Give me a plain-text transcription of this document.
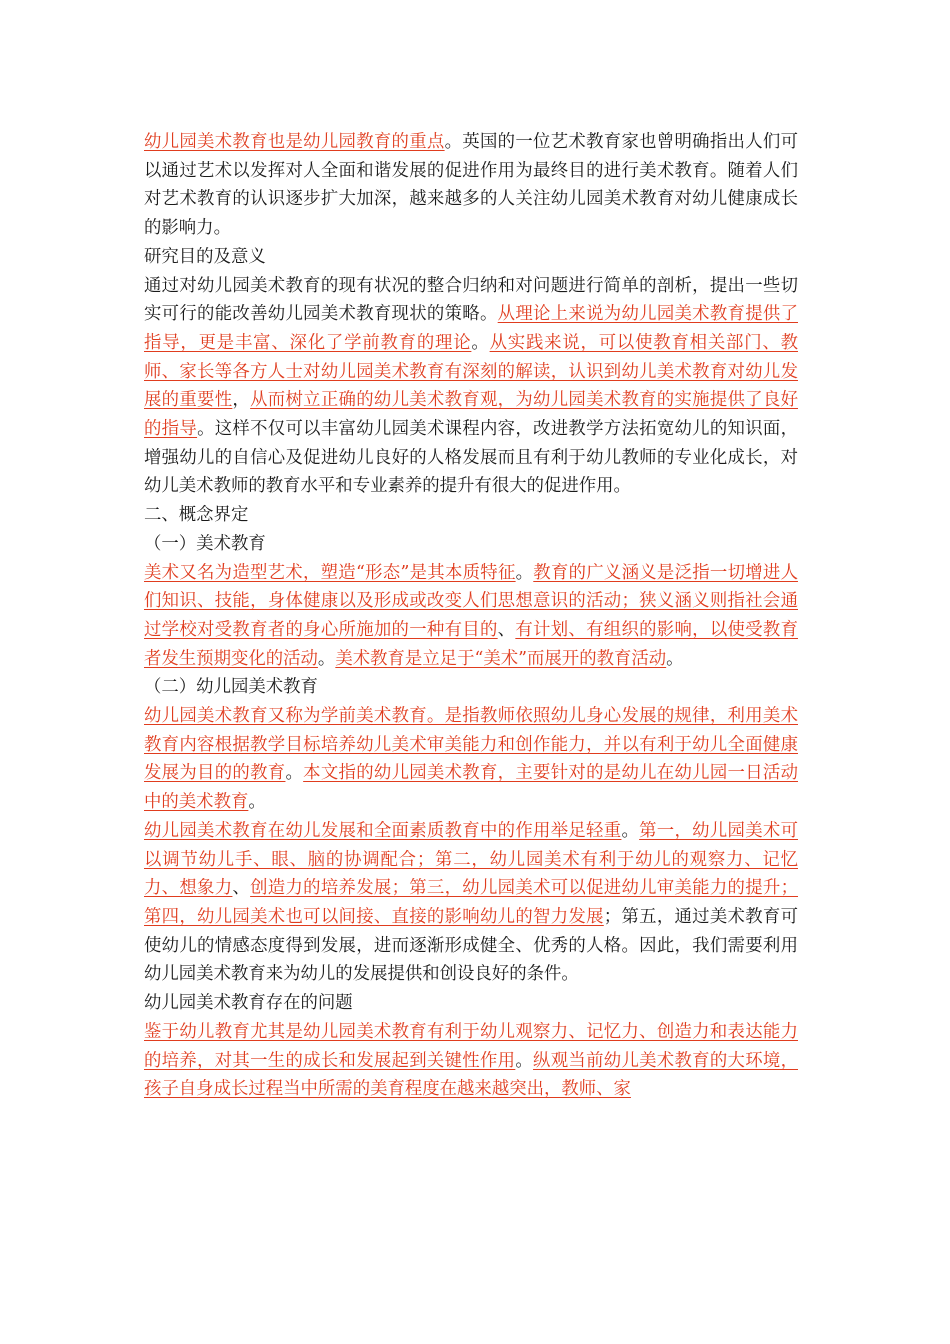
幼儿园美术教育也是幼儿园教育的重点。英国的一位艺术教育家也曾明确指出人们可以通过艺术以发挥对人全面和谐发展的促进作用为最终目的进行美术教育。随着人们对艺术教育的认识逐步扩大加深，越来越多的人关注幼儿园美术教育对幼儿健康成长的影响力。

研究目的及意义

通过对幼儿园美术教育的现有状况的整合归纳和对问题进行简单的剖析，提出一些切实可行的能改善幼儿园美术教育现状的策略。从理论上来说为幼儿园美术教育提供了指导，更是丰富、深化了学前教育的理论。从实践来说，可以使教育相关部门、教师、家长等各方人士对幼儿园美术教育有深刻的解读，认识到幼儿美术教育对幼儿发展的重要性，从而树立正确的幼儿美术教育观，为幼儿园美术教育的实施提供了良好的指导。这样不仅可以丰富幼儿园美术课程内容，改进教学方法拓宽幼儿的知识面，增强幼儿的自信心及促进幼儿良好的人格发展而且有利于幼儿教师的专业化成长，对幼儿美术教师的教育水平和专业素养的提升有很大的促进作用。

二、概念界定

（一）美术教育

美术又名为造型艺术，塑造“形态”是其本质特征。教育的广义涵义是泛指一切增进人们知识、技能，身体健康以及形成或改变人们思想意识的活动；狭义涵义则指社会通过学校对受教育者的身心所施加的一种有目的、有计划、有组织的影响，以使受教育者发生预期变化的活动。美术教育是立足于“美术”而展开的教育活动。

（二）幼儿园美术教育

幼儿园美术教育又称为学前美术教育。是指教师依照幼儿身心发展的规律，利用美术教育内容根据教学目标培养幼儿美术审美能力和创作能力，并以有利于幼儿全面健康发展为目的的教育。本文指的幼儿园美术教育，主要针对的是幼儿在幼儿园一日活动中的美术教育。

幼儿园美术教育在幼儿发展和全面素质教育中的作用举足轻重。第一，幼儿园美术可以调节幼儿手、眼、脑的协调配合；第二，幼儿园美术有利于幼儿的观察力、记忆力、想象力、创造力的培养发展；第三，幼儿园美术可以促进幼儿审美能力的提升；第四，幼儿园美术也可以间接、直接的影响幼儿的智力发展；第五，通过美术教育可使幼儿的情感态度得到发展，进而逐渐形成健全、优秀的人格。因此，我们需要利用幼儿园美术教育来为幼儿的发展提供和创设良好的条件。

幼儿园美术教育存在的问题

鉴于幼儿教育尤其是幼儿园美术教育有利于幼儿观察力、记忆力、创造力和表达能力的培养，对其一生的成长和发展起到关键性作用。纵观当前幼儿美术教育的大环境，孩子自身成长过程当中所需的美育程度在越来越突出，教师、家
